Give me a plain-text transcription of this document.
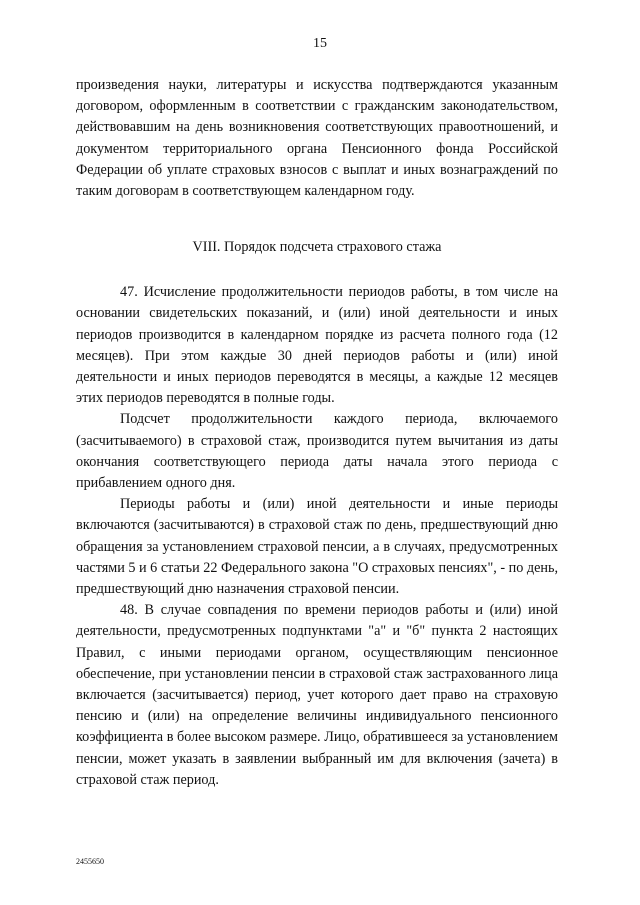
15

произведения науки, литературы и искусства подтверждаются указанным договором, оформленным в соответствии с гражданским законодательством, действовавшим на день возникновения соответствующих правоотношений, и документом территориального органа Пенсионного фонда Российской Федерации об уплате страховых взносов с выплат и иных вознаграждений по таким договорам в соответствующем календарном году.

VIII. Порядок подсчета страхового стажа

47. Исчисление продолжительности периодов работы, в том числе на основании свидетельских показаний, и (или) иной деятельности и иных периодов производится в календарном порядке из расчета полного года (12 месяцев). При этом каждые 30 дней периодов работы и (или) иной деятельности и иных периодов переводятся в месяцы, а каждые 12 месяцев этих периодов переводятся в полные годы.

Подсчет продолжительности каждого периода, включаемого (засчитываемого) в страховой стаж, производится путем вычитания из даты окончания соответствующего периода даты начала этого периода с прибавлением одного дня.

Периоды работы и (или) иной деятельности и иные периоды включаются (засчитываются) в страховой стаж по день, предшествующий дню обращения за установлением страховой пенсии, а в случаях, предусмотренных частями 5 и 6 статьи 22 Федерального закона "О страховых пенсиях", - по день, предшествующий дню назначения страховой пенсии.

48. В случае совпадения по времени периодов работы и (или) иной деятельности, предусмотренных подпунктами "а" и "б" пункта 2 настоящих Правил, с иными периодами органом, осуществляющим пенсионное обеспечение, при установлении пенсии в страховой стаж застрахованного лица включается (засчитывается) период, учет которого дает право на страховую пенсию и (или) на определение величины индивидуального пенсионного коэффициента в более высоком размере. Лицо, обратившееся за установлением пенсии, может указать в заявлении выбранный им для включения (зачета) в страховой стаж период.

2455650
